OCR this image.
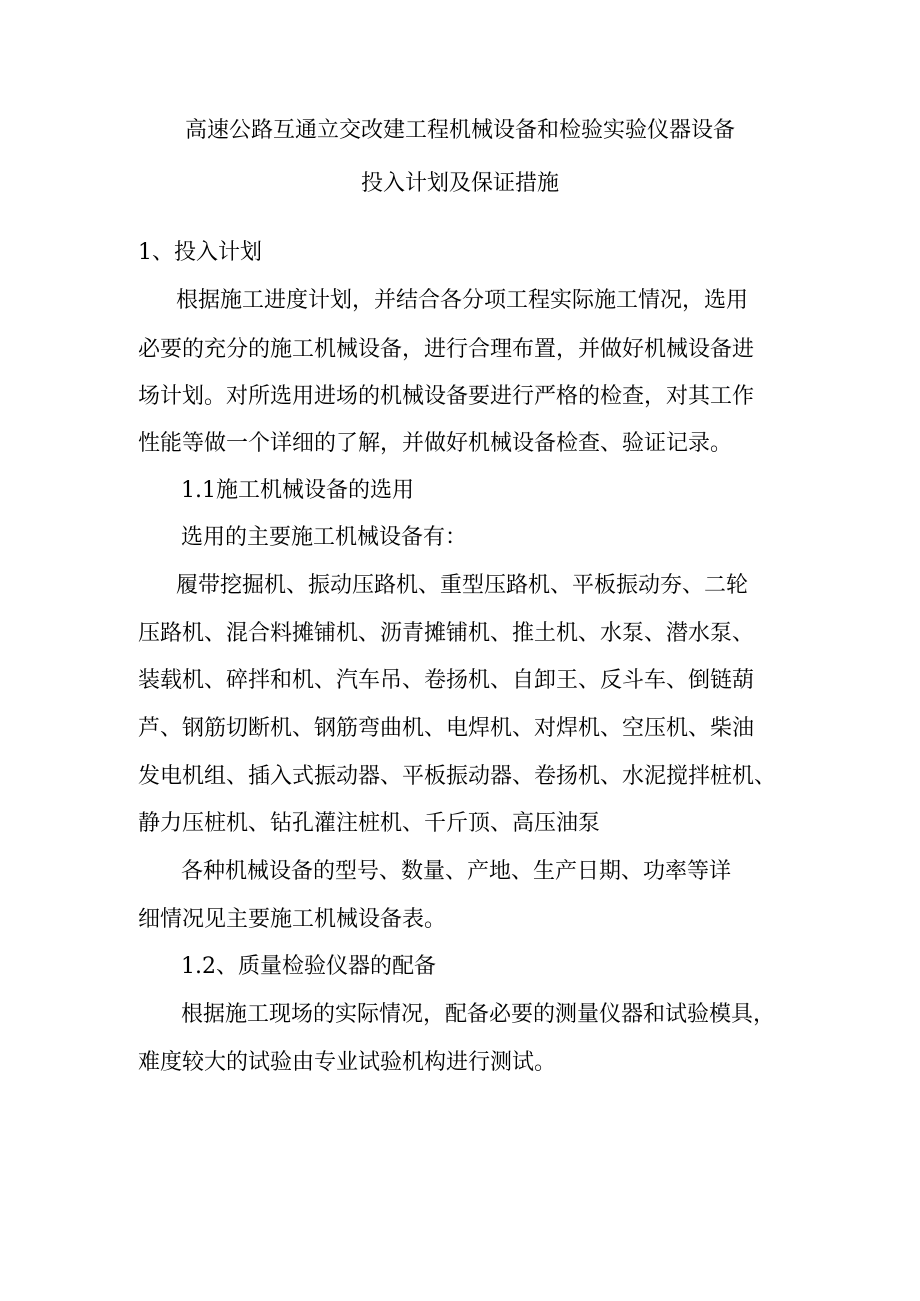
高速公路互通立交改建工程机械设备和检验实验仪器设备
投入计划及保证措施
1、投入计划
根据施工进度计划，并结合各分项工程实际施工情况，选用
必要的充分的施工机械设备，进行合理布置，并做好机械设备进
场计划。对所选用进场的机械设备要进行严格的检查，对其工作
性能等做一个详细的了解，并做好机械设备检查、验证记录。
1.1施工机械设备的选用
选用的主要施工机械设备有：
履带挖掘机、振动压路机、重型压路机、平板振动夯、二轮
压路机、混合料摊铺机、沥青摊铺机、推土机、水泵、潜水泵、
装载机、碎拌和机、汽车吊、卷扬机、自卸王、反斗车、倒链葫
芦、钢筋切断机、钢筋弯曲机、电焊机、对焊机、空压机、柴油
发电机组、插入式振动器、平板振动器、卷扬机、水泥搅拌桩机、
静力压桩机、钻孔灌注桩机、千斤顶、高压油泵
各种机械设备的型号、数量、产地、生产日期、功率等详
细情况见主要施工机械设备表。
1.2、质量检验仪器的配备
根据施工现场的实际情况，配备必要的测量仪器和试验模具，
难度较大的试验由专业试验机构进行测试。
